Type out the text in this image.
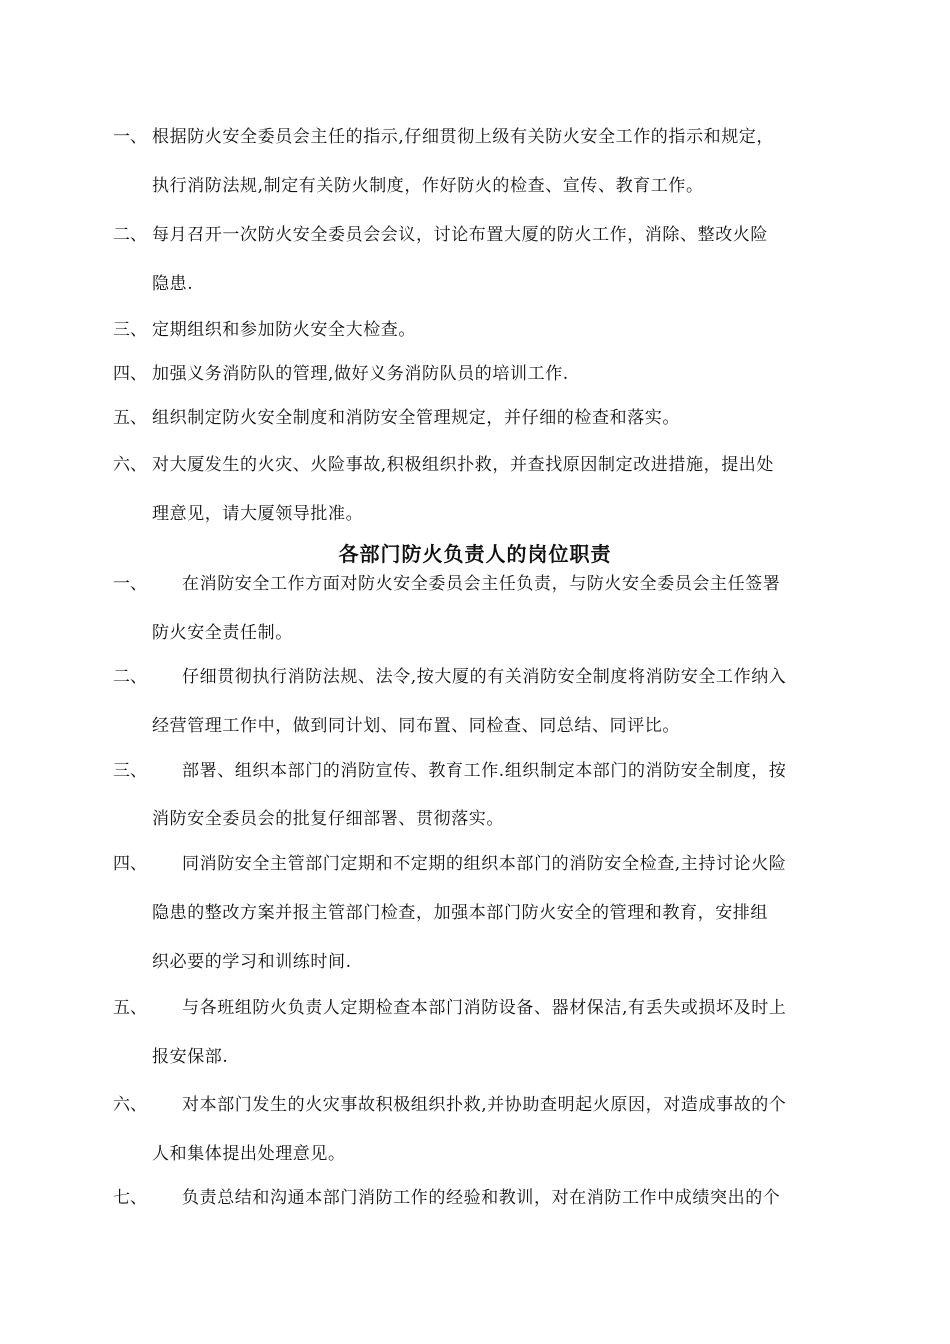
一、 根据防火安全委员会主任的指示,仔细贯彻上级有关防火安全工作的指示和规定，
执行消防法规,制定有关防火制度，作好防火的检查、宣传、教育工作。
二、 每月召开一次防火安全委员会会议，讨论布置大厦的防火工作，消除、整改火险
隐患.
三、 定期组织和参加防火安全大检查。
四、 加强义务消防队的管理,做好义务消防队员的培训工作.
五、 组织制定防火安全制度和消防安全管理规定，并仔细的检查和落实。
六、 对大厦发生的火灾、火险事故,积极组织扑救，并查找原因制定改进措施，提出处
理意见，请大厦领导批准。
各部门防火负责人的岗位职责
一、 在消防安全工作方面对防火安全委员会主任负责，与防火安全委员会主任签署
防火安全责任制。
二、 仔细贯彻执行消防法规、法令,按大厦的有关消防安全制度将消防安全工作纳入
经营管理工作中，做到同计划、同布置、同检查、同总结、同评比。
三、 部署、组织本部门的消防宣传、教育工作.组织制定本部门的消防安全制度，按
消防安全委员会的批复仔细部署、贯彻落实。
四、 同消防安全主管部门定期和不定期的组织本部门的消防安全检查,主持讨论火险
隐患的整改方案并报主管部门检查，加强本部门防火安全的管理和教育，安排组
织必要的学习和训练时间.
五、 与各班组防火负责人定期检查本部门消防设备、器材保洁,有丢失或损坏及时上
报安保部.
六、 对本部门发生的火灾事故积极组织扑救,并协助查明起火原因，对造成事故的个
人和集体提出处理意见。
七、 负责总结和沟通本部门消防工作的经验和教训，对在消防工作中成绩突出的个
